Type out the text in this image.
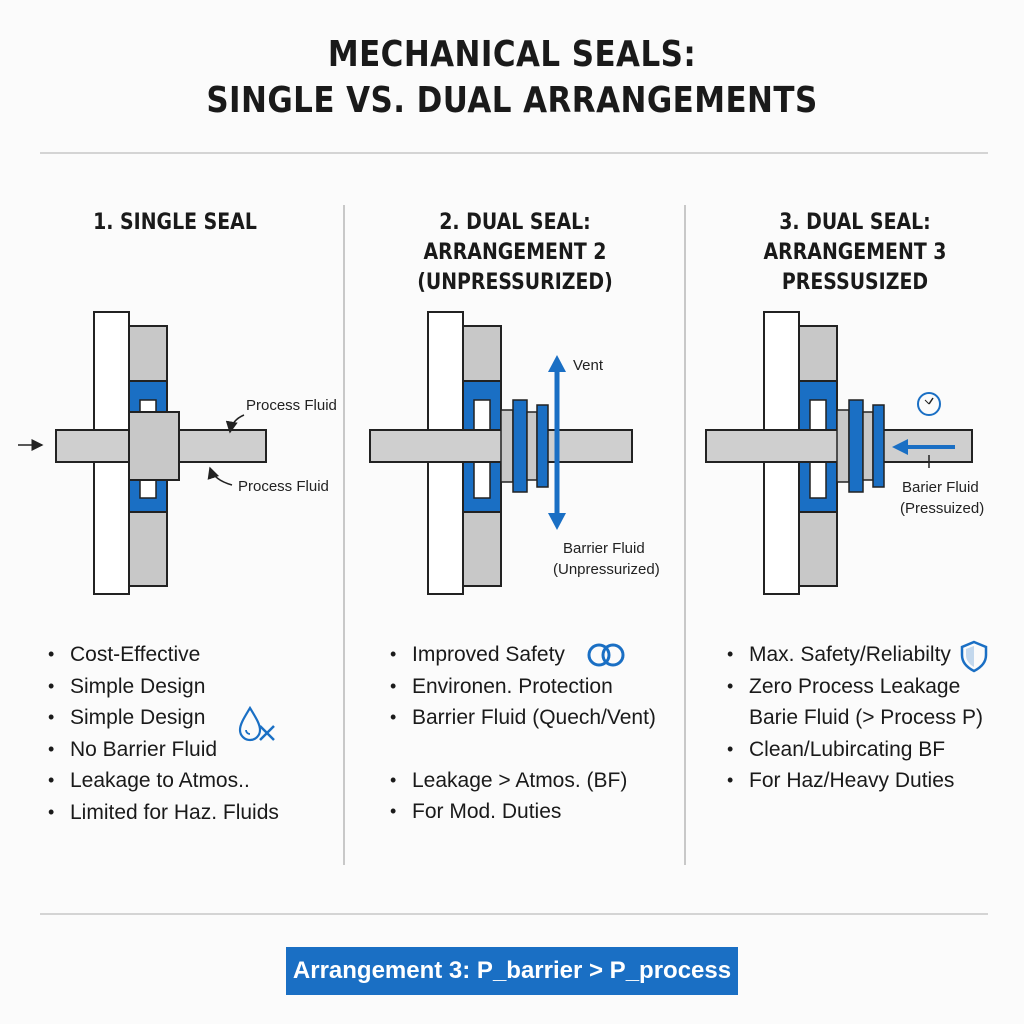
MECHANICAL SEALS:
SINGLE VS. DUAL ARRANGEMENTS
1. SINGLE SEAL	2. DUAL SEAL: ARRANGEMENT 2
(UNPRESSURIZED)
3. DUAL SEAL:
ARRANGEMENT 3 PRESSUSIZED
Process Fluid
Process Fluid
Vent
Barrier Fluid
(Unpressurized)
Barier Fluid
(Pressuized)
• Cost-Effective
• Simple Design
• Simple Design
• No Barrier Fluid
• Leakage to Atmos..
• Limited for Haz. Fluids
• Improved Safety
• Environen. Protection
• Barrier Fluid (Quech/Vent)
• Leakage > Atmos. (BF)
• For Mod. Duties
• Max. Safety/Reliabilty
• Zero Process Leakage
Barie Fluid (> Process P)
• Clean/Lubircating BF
• For Haz/Heavy Duties
Arrangement 3: P_barrier > P_process
